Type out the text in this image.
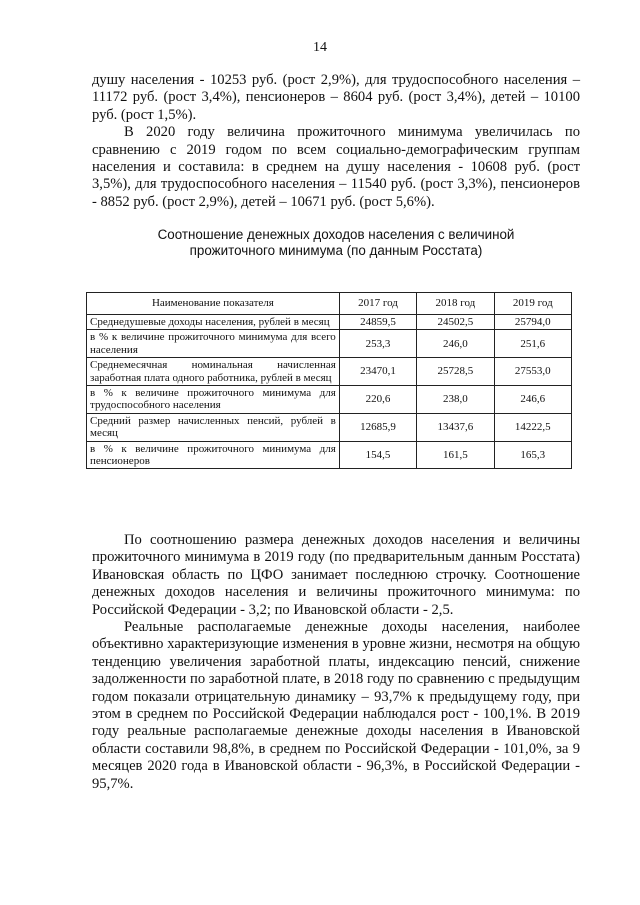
14

душу населения - 10253 руб. (рост 2,9%), для трудоспособного населения – 11172 руб. (рост 3,4%), пенсионеров – 8604 руб. (рост 3,4%), детей – 10100 руб. (рост 1,5%).

В 2020 году величина прожиточного минимума увеличилась по сравнению с 2019 годом по всем социально-демографическим группам населения и составила: в среднем на душу населения - 10608 руб. (рост 3,5%), для трудоспособного населения – 11540 руб. (рост 3,3%), пенсионеров - 8852 руб. (рост 2,9%), детей – 10671 руб. (рост 5,6%).

Соотношение денежных доходов населения с величиной
прожиточного минимума (по данным Росстата)
Наименование показателя	2017 год	2018 год	2019 год
Среднедушевые доходы населения, рублей в месяц	24859,5	24502,5	25794,0
в % к величине прожиточного минимума для всего населения	253,3	246,0	251,6
Среднемесячная номинальная начисленная заработная плата одного работника, рублей в месяц	23470,1	25728,5	27553,0
в % к величине прожиточного минимума для трудоспособного населения	220,6	238,0	246,6
Средний размер начисленных пенсий, рублей в месяц	12685,9	13437,6	14222,5
в % к величине прожиточного минимума для пенсионеров	154,5	161,5	165,3

По соотношению размера денежных доходов населения и величины прожиточного минимума в 2019 году (по предварительным данным Росстата) Ивановская область по ЦФО занимает последнюю строчку. Соотношение денежных доходов населения и величины прожиточного минимума: по Российской Федерации - 3,2; по Ивановской области - 2,5.

Реальные располагаемые денежные доходы населения, наиболее объективно характеризующие изменения в уровне жизни, несмотря на общую тенденцию увеличения заработной платы, индексацию пенсий, снижение задолженности по заработной плате, в 2018 году по сравнению с предыдущим годом показали отрицательную динамику – 93,7% к предыдущему году, при этом в среднем по Российской Федерации наблюдался рост - 100,1%. В 2019 году реальные располагаемые денежные доходы населения в Ивановской области составили 98,8%, в среднем по Российской Федерации - 101,0%, за 9 месяцев 2020 года в Ивановской области - 96,3%, в Российской Федерации - 95,7%.
